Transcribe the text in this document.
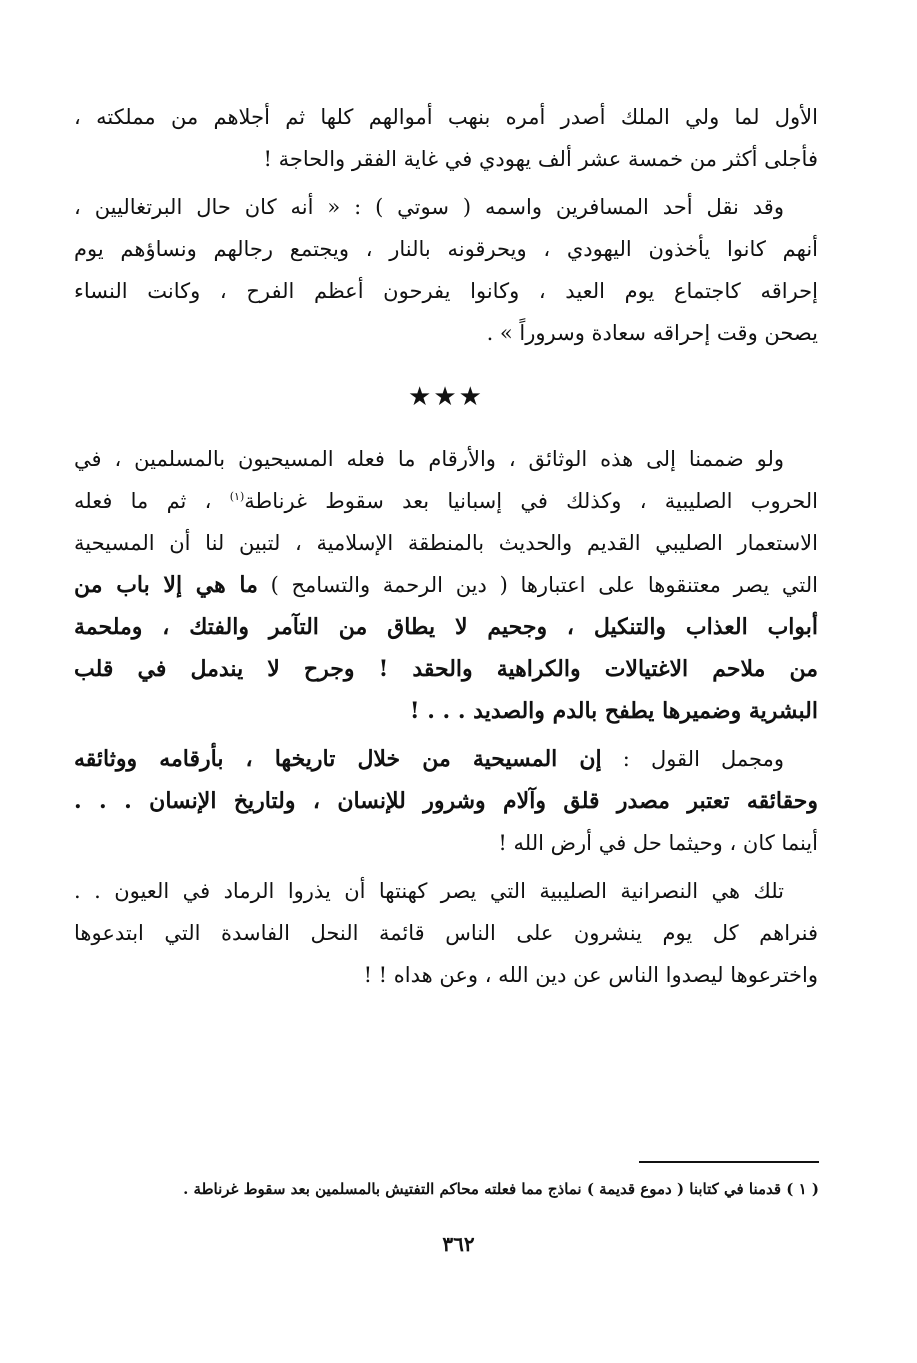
الأول لما ولي الملك أصدر أمره بنهب أموالهم كلها ثم أجلاهم من مملكته ،
فأجلى أكثر من خمسة عشر ألف يهودي في غاية الفقر والحاجة !
وقد نقل أحد المسافرين واسمه ( سوتي ) : « أنه كان حال البرتغاليين ،
أنهم كانوا يأخذون اليهودي ، ويحرقونه بالنار ، ويجتمع رجالهم ونساؤهم يوم
إحراقه كاجتماع يوم العيد ، وكانوا يفرحون أعظم الفرح ، وكانت النساء
يصحن وقت إحراقه سعادة وسروراً » .
★★★
ولو ضممنا إلى هذه الوثائق ، والأرقام ما فعله المسيحيون بالمسلمين ، في
الحروب الصليبية ، وكذلك في إسبانيا بعد سقوط غرناطة$^{(١)}$ ، ثم ما فعله
الاستعمار الصليبي القديم والحديث بالمنطقة الإسلامية ، لتبين لنا أن المسيحية
التي يصر معتنقوها على اعتبارها ( دين الرحمة والتسامح ) ما هي إلا باب من
أبواب العذاب والتنكيل ، وجحيم لا يطاق من التآمر والفتك ، وملحمة
من ملاحم الاغتيالات والكراهية والحقد ! وجرح لا يندمل في قلب
البشرية وضميرها يطفح بالدم والصديد . . . !
ومجمل القول : إن المسيحية من خلال تاريخها ، بأرقامه ووثائقه
وحقائقه تعتبر مصدر قلق وآلام وشرور للإنسان ، ولتاريخ الإنسان . . .
أينما كان ، وحيثما حل في أرض الله !
تلك هي النصرانية الصليبية التي يصر كهنتها أن يذروا الرماد في العيون . .
فنراهم كل يوم ينشرون على الناس قائمة النحل الفاسدة التي ابتدعوها
واخترعوها ليصدوا الناس عن دين الله ، وعن هداه ! !
( ١ ) قدمنا في كتابنا ( دموع قديمة ) نماذج مما فعلته محاكم التفتيش بالمسلمين بعد سقوط غرناطة .
٣٦٢
